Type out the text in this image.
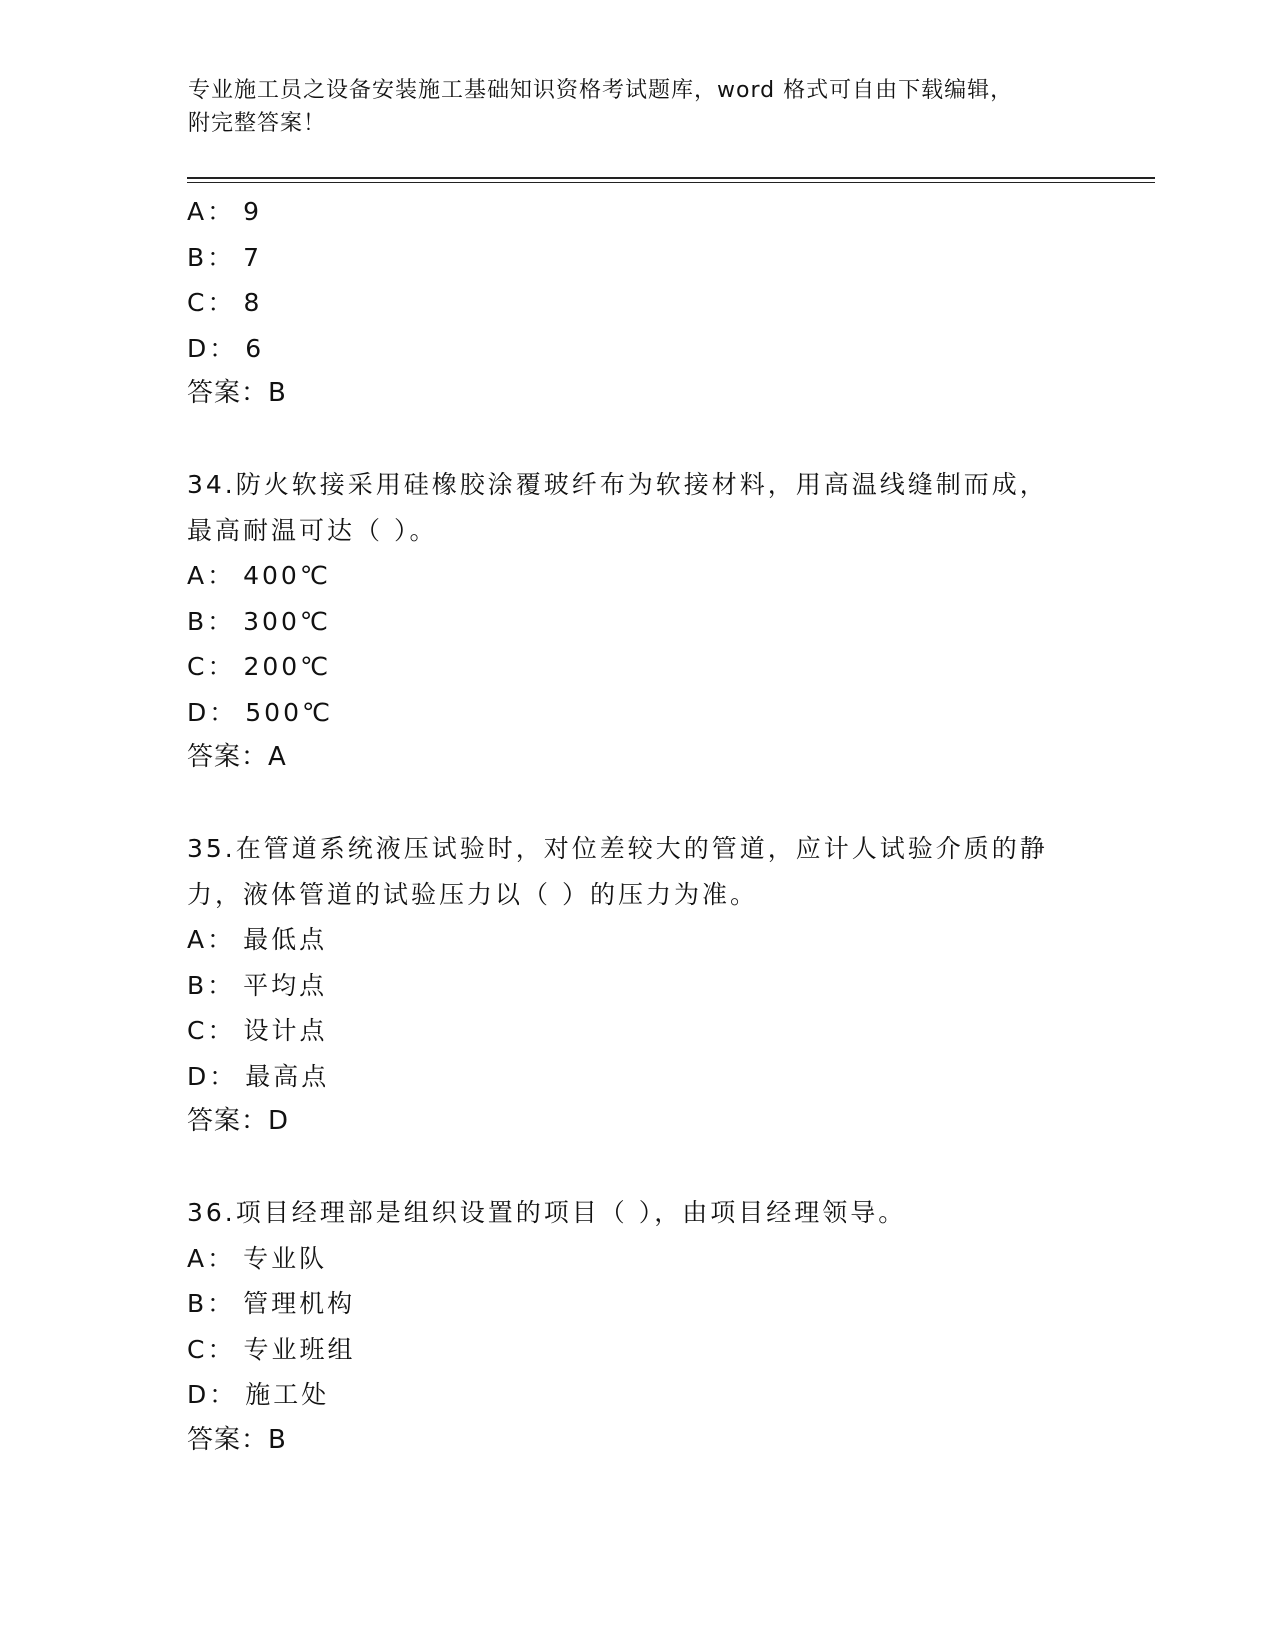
专业施工员之设备安装施工基础知识资格考试题库，word 格式可自由下载编辑，
附完整答案！
A： 9
B： 7
C： 8
D： 6
答案：B
34.防火软接采用硅橡胶涂覆玻纤布为软接材料，用高温线缝制而成，
最高耐温可达（ ）。
A： 400℃
B： 300℃
C： 200℃
D： 500℃
答案：A
35.在管道系统液压试验时，对位差较大的管道，应计人试验介质的静
力，液体管道的试验压力以（ ）的压力为准。
A： 最低点
B： 平均点
C： 设计点
D： 最高点
答案：D
36.项目经理部是组织设置的项目（ ），由项目经理领导。
A： 专业队
B： 管理机构
C： 专业班组
D： 施工处
答案：B
